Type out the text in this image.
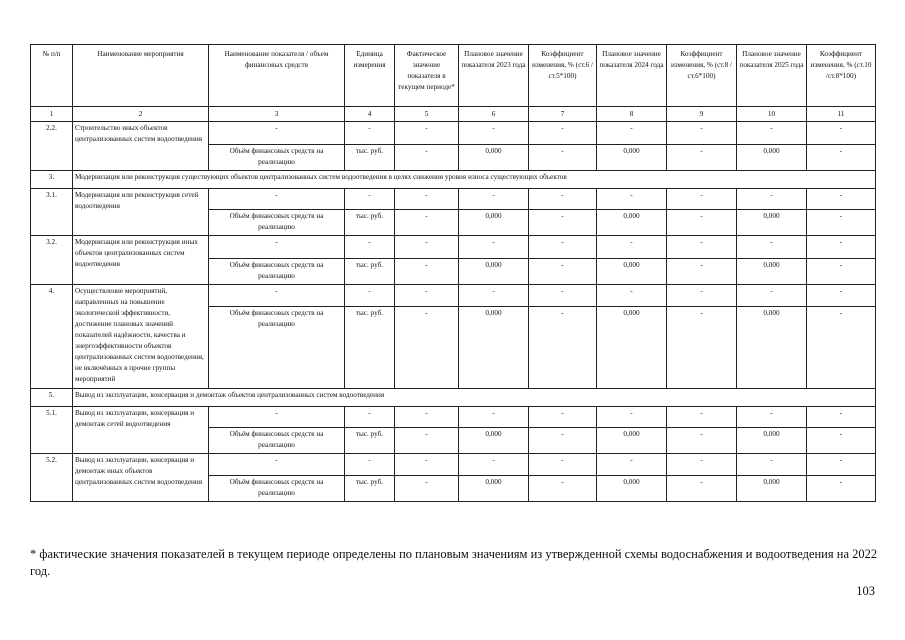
№ п/п	Наименование мероприятия	Наименование показателя / объем финансовых средств	Единица измерения	Фактическое значение показателя в текущем периоде*	Плановое значение показателя 2023 года	Коэффициент изменения, % (ст.6 /ст.5*100)	Плановое значение показателя 2024 года	Коэффициент изменения, % (ст.8 /ст.6*100)	Плановое значение показателя 2025 года	Коэффициент изменения, % (ст.10 /ст.8*100)
1	2	3	4	5	6	7	8	9	10	11
2.2.	Строительство иных объектов централизованных систем водоотведения	-	-	-	-	-	-	-	-	-
		Объём финансовых средств на реализацию	тыс. руб.	-	0,000	-	0,000	-	0,000	-
3.	Модернизация или реконструкция существующих объектов централизованных систем водоотведения в целях снижения уровня износа существующих объектов									
3.1.	Модернизация или реконструкция сетей водоотведения	-	-	-	-	-	-	-	-	-
		Объём финансовых средств на реализацию	тыс. руб.	-	0,000	-	0,000	-	0,000	-
3.2.	Модернизация или реконструкция иных объектов централизованных систем водоотведения	-	-	-	-	-	-	-	-	-
		Объём финансовых средств на реализацию	тыс. руб.	-	0,000	-	0,000	-	0,000	-
4.	Осуществление мероприятий, направленных на повышение экологической эффективности, достижение плановых значений показателей надёжности, качества и энергоэффективности объектов централизованных систем водоотведения, не включённых в прочие группы мероприятий	-	-	-	-	-	-	-	-	-
		Объём финансовых средств на реализацию	тыс. руб.	-	0,000	-	0,000	-	0,000	-
5.	Вывод из эксплуатации, консервация и демонтаж объектов централизованных систем водоотведения									
5.1.	Вывод из эксплуатации, консервация и демонтаж сетей водоотведения	-	-	-	-	-	-	-	-	-
		Объём финансовых средств на реализацию	тыс. руб.	-	0,000	-	0,000	-	0,000	-
5.2.	Вывод из эксплуатации, консервация и демонтаж иных объектов централизованных систем водоотведения	-	-	-	-	-	-	-	-	-
		Объём финансовых средств на реализацию	тыс. руб.	-	0,000	-	0,000	-	0,000	-
* фактические значения показателей в текущем периоде определены по плановым значениям из утвержденной схемы водоснабжения и водоотведения на 2022 год.
103
